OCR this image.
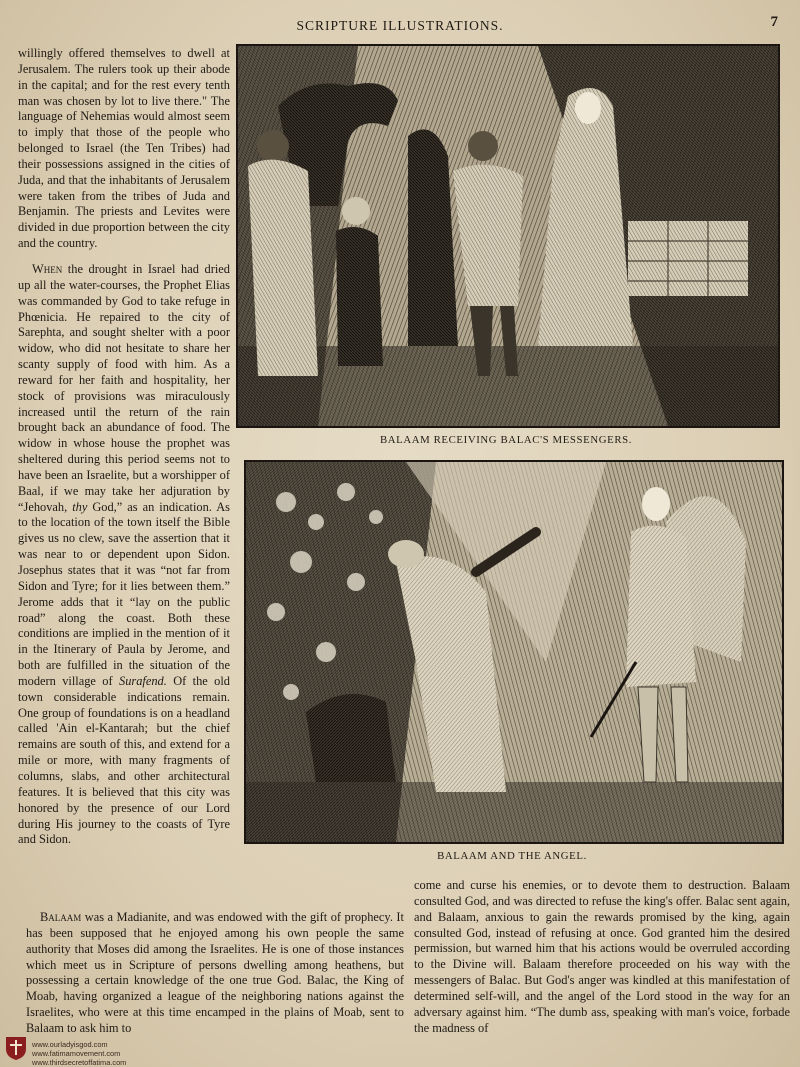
SCRIPTURE ILLUSTRATIONS.	7

willingly offered themselves to dwell at Jerusalem. The rulers took up their abode in the capital; and for the rest every tenth man was chosen by lot to live there." The language of Nehemias would almost seem to imply that those of the people who belonged to Israel (the Ten Tribes) had their possessions assigned in the cities of Juda, and that the inhabitants of Jerusalem were taken from the tribes of Juda and Benjamin. The priests and Levites were divided in due proportion between the city and the country.

When the drought in Israel had dried up all the water-courses, the Prophet Elias was commanded by God to take refuge in Phœnicia. He repaired to the city of Sarephta, and sought shelter with a poor widow, who did not hesitate to share her scanty supply of food with him. As a reward for her faith and hospitality, her stock of provisions was miraculously increased until the return of the rain brought back an abundance of food. The widow in whose house the prophet was sheltered during this period seems not to have been an Israelite, but a worshipper of Baal, if we may take her adjuration by “Jehovah, thy God,” as an indication. As to the location of the town itself the Bible gives us no clew, save the assertion that it was near to or dependent upon Sidon. Josephus states that it was “not far from Sidon and Tyre; for it lies between them.” Jerome adds that it “lay on the public road” along the coast. Both these conditions are implied in the mention of it in the Itinerary of Paula by Jerome, and both are fulfilled in the situation of the modern village of Surafend. Of the old town considerable indications remain. One group of foundations is on a headland called 'Ain el-Kantarah; but the chief remains are south of this, and extend for a mile or more, with many fragments of columns, slabs, and other architectural features. It is believed that this city was honored by the presence of our Lord during His journey to the coasts of Tyre and Sidon.

BALAAM RECEIVING BALAC'S MESSENGERS.
BALAAM AND THE ANGEL.

Balaam was a Madianite, and was endowed with the gift of prophecy. It has been supposed that he enjoyed among his own people the same authority that Moses did among the Israelites. He is one of those instances which meet us in Scripture of persons dwelling among heathens, but possessing a certain knowledge of the one true God. Balac, the King of Moab, having organized a league of the neighboring nations against the Israelites, who were at this time encamped in the plains of Moab, sent to Balaam to ask him to

come and curse his enemies, or to devote them to destruction. Balaam consulted God, and was directed to refuse the king's offer. Balac sent again, and Balaam, anxious to gain the rewards promised by the king, again consulted God, instead of refusing at once. God granted him the desired permission, but warned him that his actions would be overruled according to the Divine will. Balaam therefore proceeded on his way with the messengers of Balac. But God's anger was kindled at this manifestation of determined self-will, and the angel of the Lord stood in the way for an adversary against him. “The dumb ass, speaking with man's voice, forbade the madness of

www.ourladyisgod.com
www.fatimamovement.com
www.thirdsecretoffatima.com
